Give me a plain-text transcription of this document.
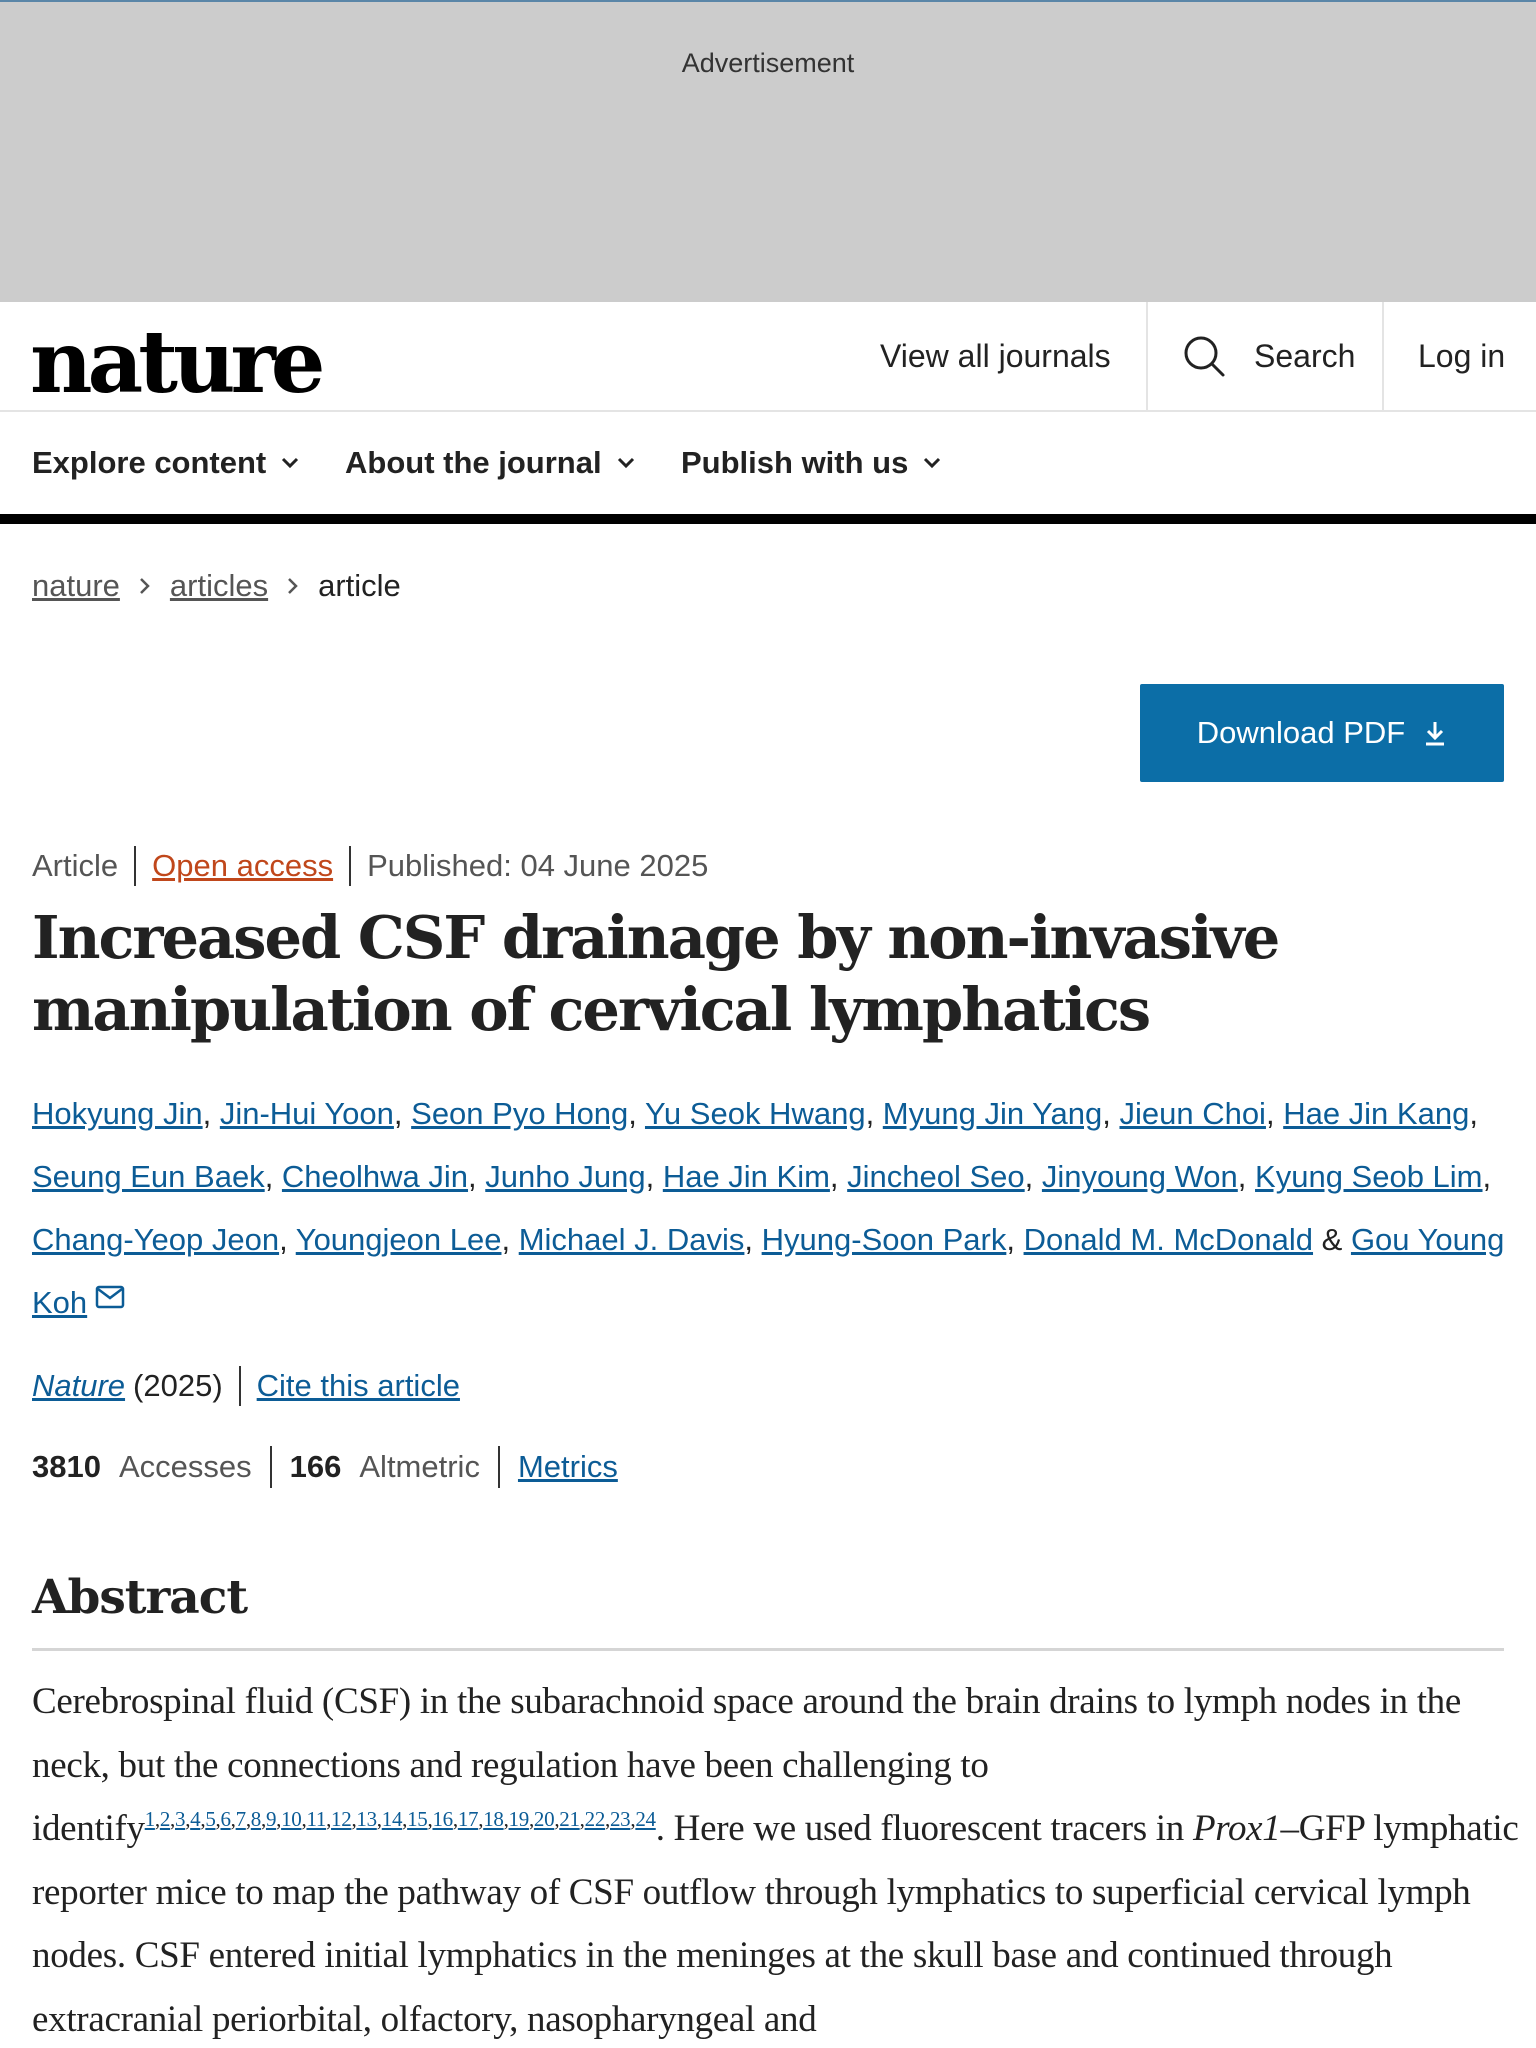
Advertisement
nature	View all journals	Search Log in
Explore content	About the journal	Publish with us
nature articles article
Download PDF
Article Open access Published: 04 June 2025
Increased CSF drainage by non-invasive manipulation of cervical lymphatics
Hokyung Jin, Jin-Hui Yoon, Seon Pyo Hong, Yu Seok Hwang, Myung Jin Yang, Jieun Choi, Hae Jin Kang, Seung Eun Baek, Cheolhwa Jin, Junho Jung, Hae Jin Kim, Jincheol Seo, Jinyoung Won, Kyung Seob Lim, Chang-Yeop Jeon, Youngjeon Lee, Michael J. Davis, Hyung-Soon Park, Donald M. McDonald & Gou Young Koh
Nature (2025) Cite this article
3810 Accesses 166 Altmetric Metrics
Abstract

Cerebrospinal fluid (CSF) in the subarachnoid space around the brain drains to lymph nodes in the neck, but the connections and regulation have been challenging to identify$^{1,2,3,4,5,6,7,8,9,10,11,12,13,14,15,16,17,18,19,20,21,22,23,24}$. Here we used fluorescent tracers in Prox1–GFP lymphatic reporter mice to map the pathway of CSF outflow through lymphatics to superficial cervical lymph nodes. CSF entered initial lymphatics in the meninges at the skull base and continued through extracranial periorbital, olfactory, nasopharyngeal and
